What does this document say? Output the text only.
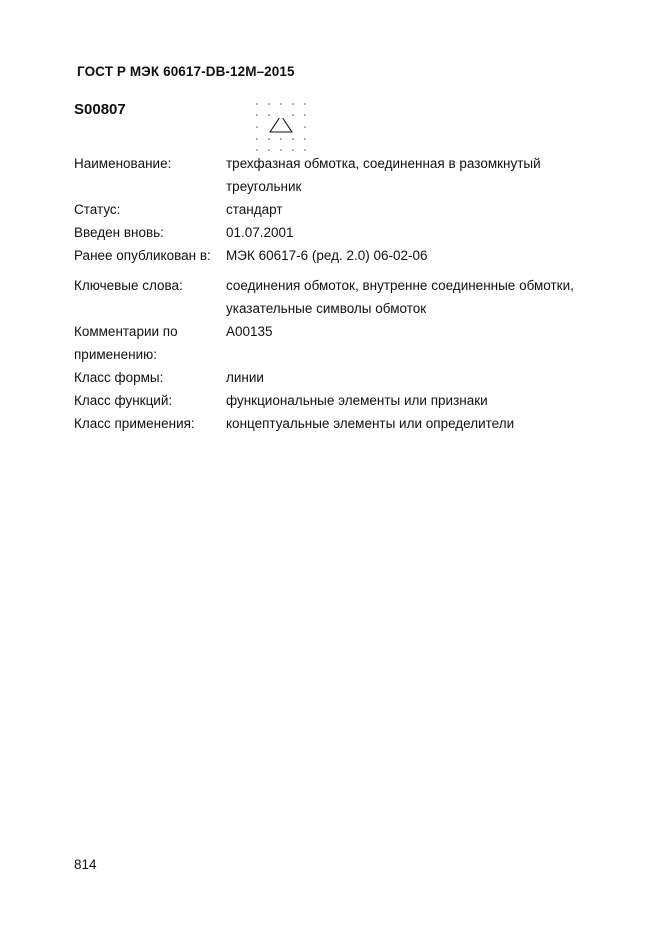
ГОСТ Р МЭК 60617-DB-12M–2015
S00807
Наименование:	трехфазная обмотка, соединенная в разомкнутый
треугольник
Статус:	стандарт
Введен вновь:	01.07.2001
Ранее опубликован в:	МЭК 60617-6 (ред. 2.0) 06-02-06
Ключевые слова:	соединения обмоток, внутренне соединенные обмотки,
указательные символы обмоток
Комментарии по
применению:
A00135
Класс формы:	линии
Класс функций:	функциональные элементы или признаки
Класс применения:	концептуальные элементы или определители
814
